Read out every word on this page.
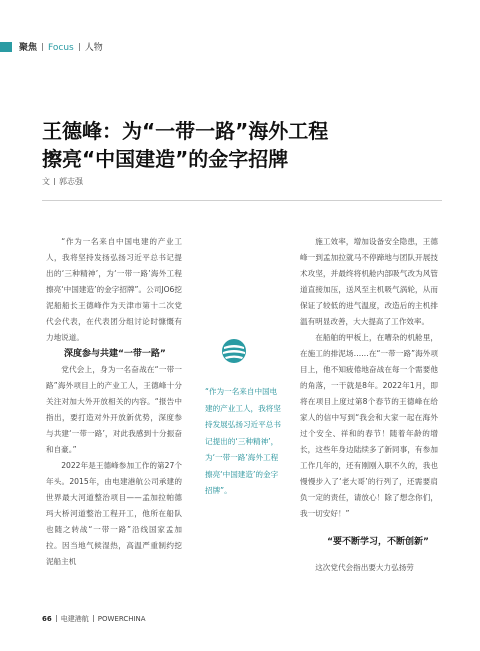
聚焦 Focus 人物
王德峰：为“一带一路”海外工程
擦亮“中国建造”的金字招牌
文 郭志强

“作为一名来自中国电建的产业工人，我将坚持发扬弘扬习近平总书记提出的‘三种精神’，为‘一带一路’海外工程擦亮‘中国建造’的金字招牌”。公司JO6挖泥船船长王德峰作为天津市第十二次党代会代表，在代表团分组讨论时慷慨有力地说道。

深度参与共建“一带一路”

党代会上，身为一名奋战在“一带一路”海外项目上的产业工人，王德峰十分关注对加大外开放相关的内容。“报告中指出，要打造对外开放新优势，深度参与共建‘一带一路’，对此我感到十分振奋和自豪。”

2022年是王德峰参加工作的第27个年头。2015年，由电建港航公司承建的世界最大河道整治项目——孟加拉帕德玛大桥河道整治工程开工，他所在船队也随之转战“一带一路”沿线国家孟加拉。因当地气候湿热，高温严重制约挖泥船主机

“作为一名来自中国电建的产业工人，我将坚持发展弘扬习近平总书记提出的‘三种精神’，为‘一带一路’海外工程擦亮‘中国建造’的金字招牌”。

施工效率，增加设备安全隐患，王德峰一到孟加拉就马不停蹄地与团队开展技术攻坚，并最终将机舱内部吸气改为风管道直接加压，送风至主机吸气涡轮，从而保证了较低的进气温度，改造后的主机排温有明显改善，大大提高了工作效率。

在船舶的甲板上，在嘈杂的机舱里，在施工的排泥场……在“一带一路”海外项目上，他不知疲倦地奋战在每一个需要他的角落，一干就是8年。2022年1月，即将在项目上度过第8个春节的王德峰在给家人的信中写到“我会和大家一起在海外过个安全、祥和的春节！随着年龄的增长，这些年身边陆续多了新同事，有参加工作几年的，还有刚刚入职不久的，我也慢慢步入了‘老大哥’的行列了，还需要肩负一定的责任，请放心！除了想念你们，我一切安好！”

“要不断学习，不断创新”

这次党代会指出要大力弘扬劳

66 电建港航 POWERCHINA
